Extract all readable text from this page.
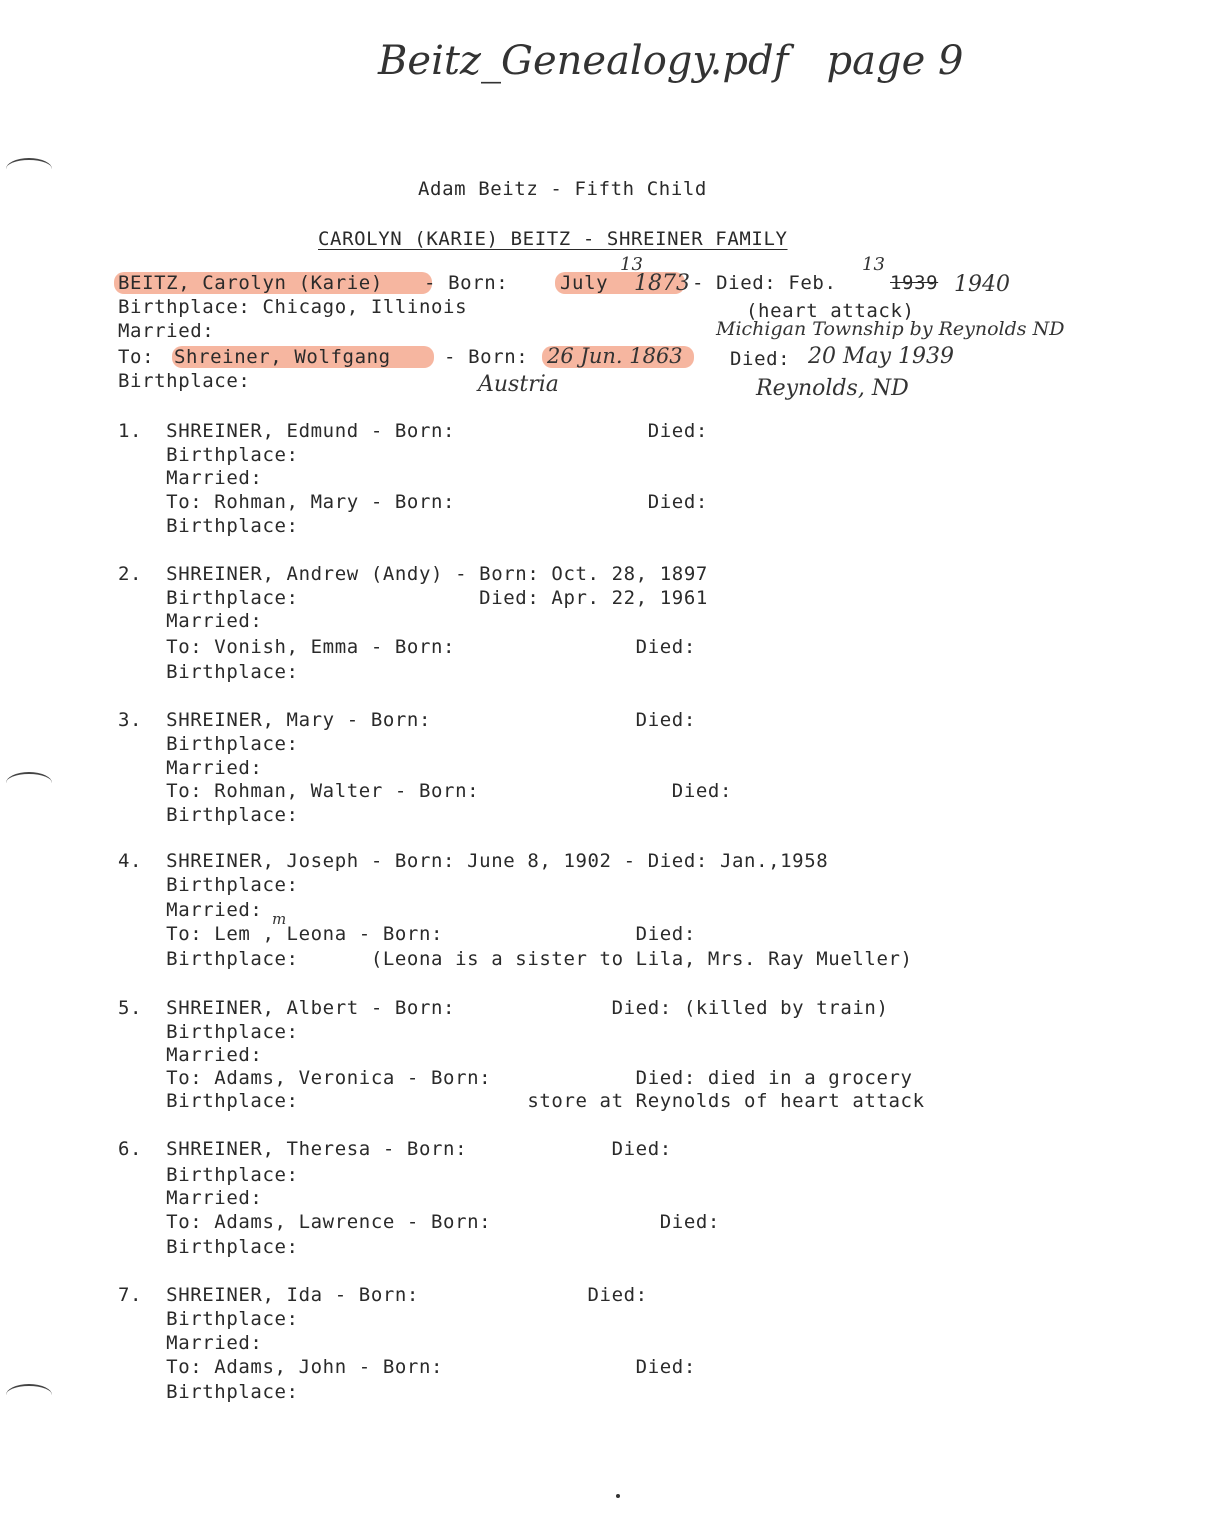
Beitz_Genealogy.pdf   page 9
Adam Beitz - Fifth Child
CAROLYN (KARIE) BEITZ - SHREINER FAMILY
BEITZ, Carolyn (Karie) - Born: July
13
1873
- Died: Feb.
13
1939 1940
Birthplace: Chicago, Illinois	(heart attack)
Married:	Michigan Township by Reynolds ND
To: Shreiner, Wolfgang - Born: 26 Jun. 1863 Died: 20 May 1939
Birthplace:	Austria	Reynolds, ND
1.  SHREINER, Edmund - Born:                Died:
Birthplace:
Married:
To: Rohman, Mary - Born:                Died:
Birthplace:
2.  SHREINER, Andrew (Andy) - Born: Oct. 28, 1897
Birthplace:               Died: Apr. 22, 1961
Married:
To: Vonish, Emma - Born:               Died:
Birthplace:
3.  SHREINER, Mary - Born:                 Died:
Birthplace:
Married:
To: Rohman, Walter - Born:                Died:
Birthplace:
4.  SHREINER, Joseph - Born: June 8, 1902 - Died: Jan.,1958
Birthplace:
Married:
To: Lem , Leona - Born:                Died:
m
Birthplace:      (Leona is a sister to Lila, Mrs. Ray Mueller)
5.  SHREINER, Albert - Born:             Died: (killed by train)
Birthplace:
Married:
To: Adams, Veronica - Born:            Died: died in a grocery
Birthplace:                   store at Reynolds of heart attack
6.  SHREINER, Theresa - Born:            Died:
Birthplace:
Married:
To: Adams, Lawrence - Born:              Died:
Birthplace:
7.  SHREINER, Ida - Born:              Died:
Birthplace:
Married:
To: Adams, John - Born:                Died:
Birthplace:
